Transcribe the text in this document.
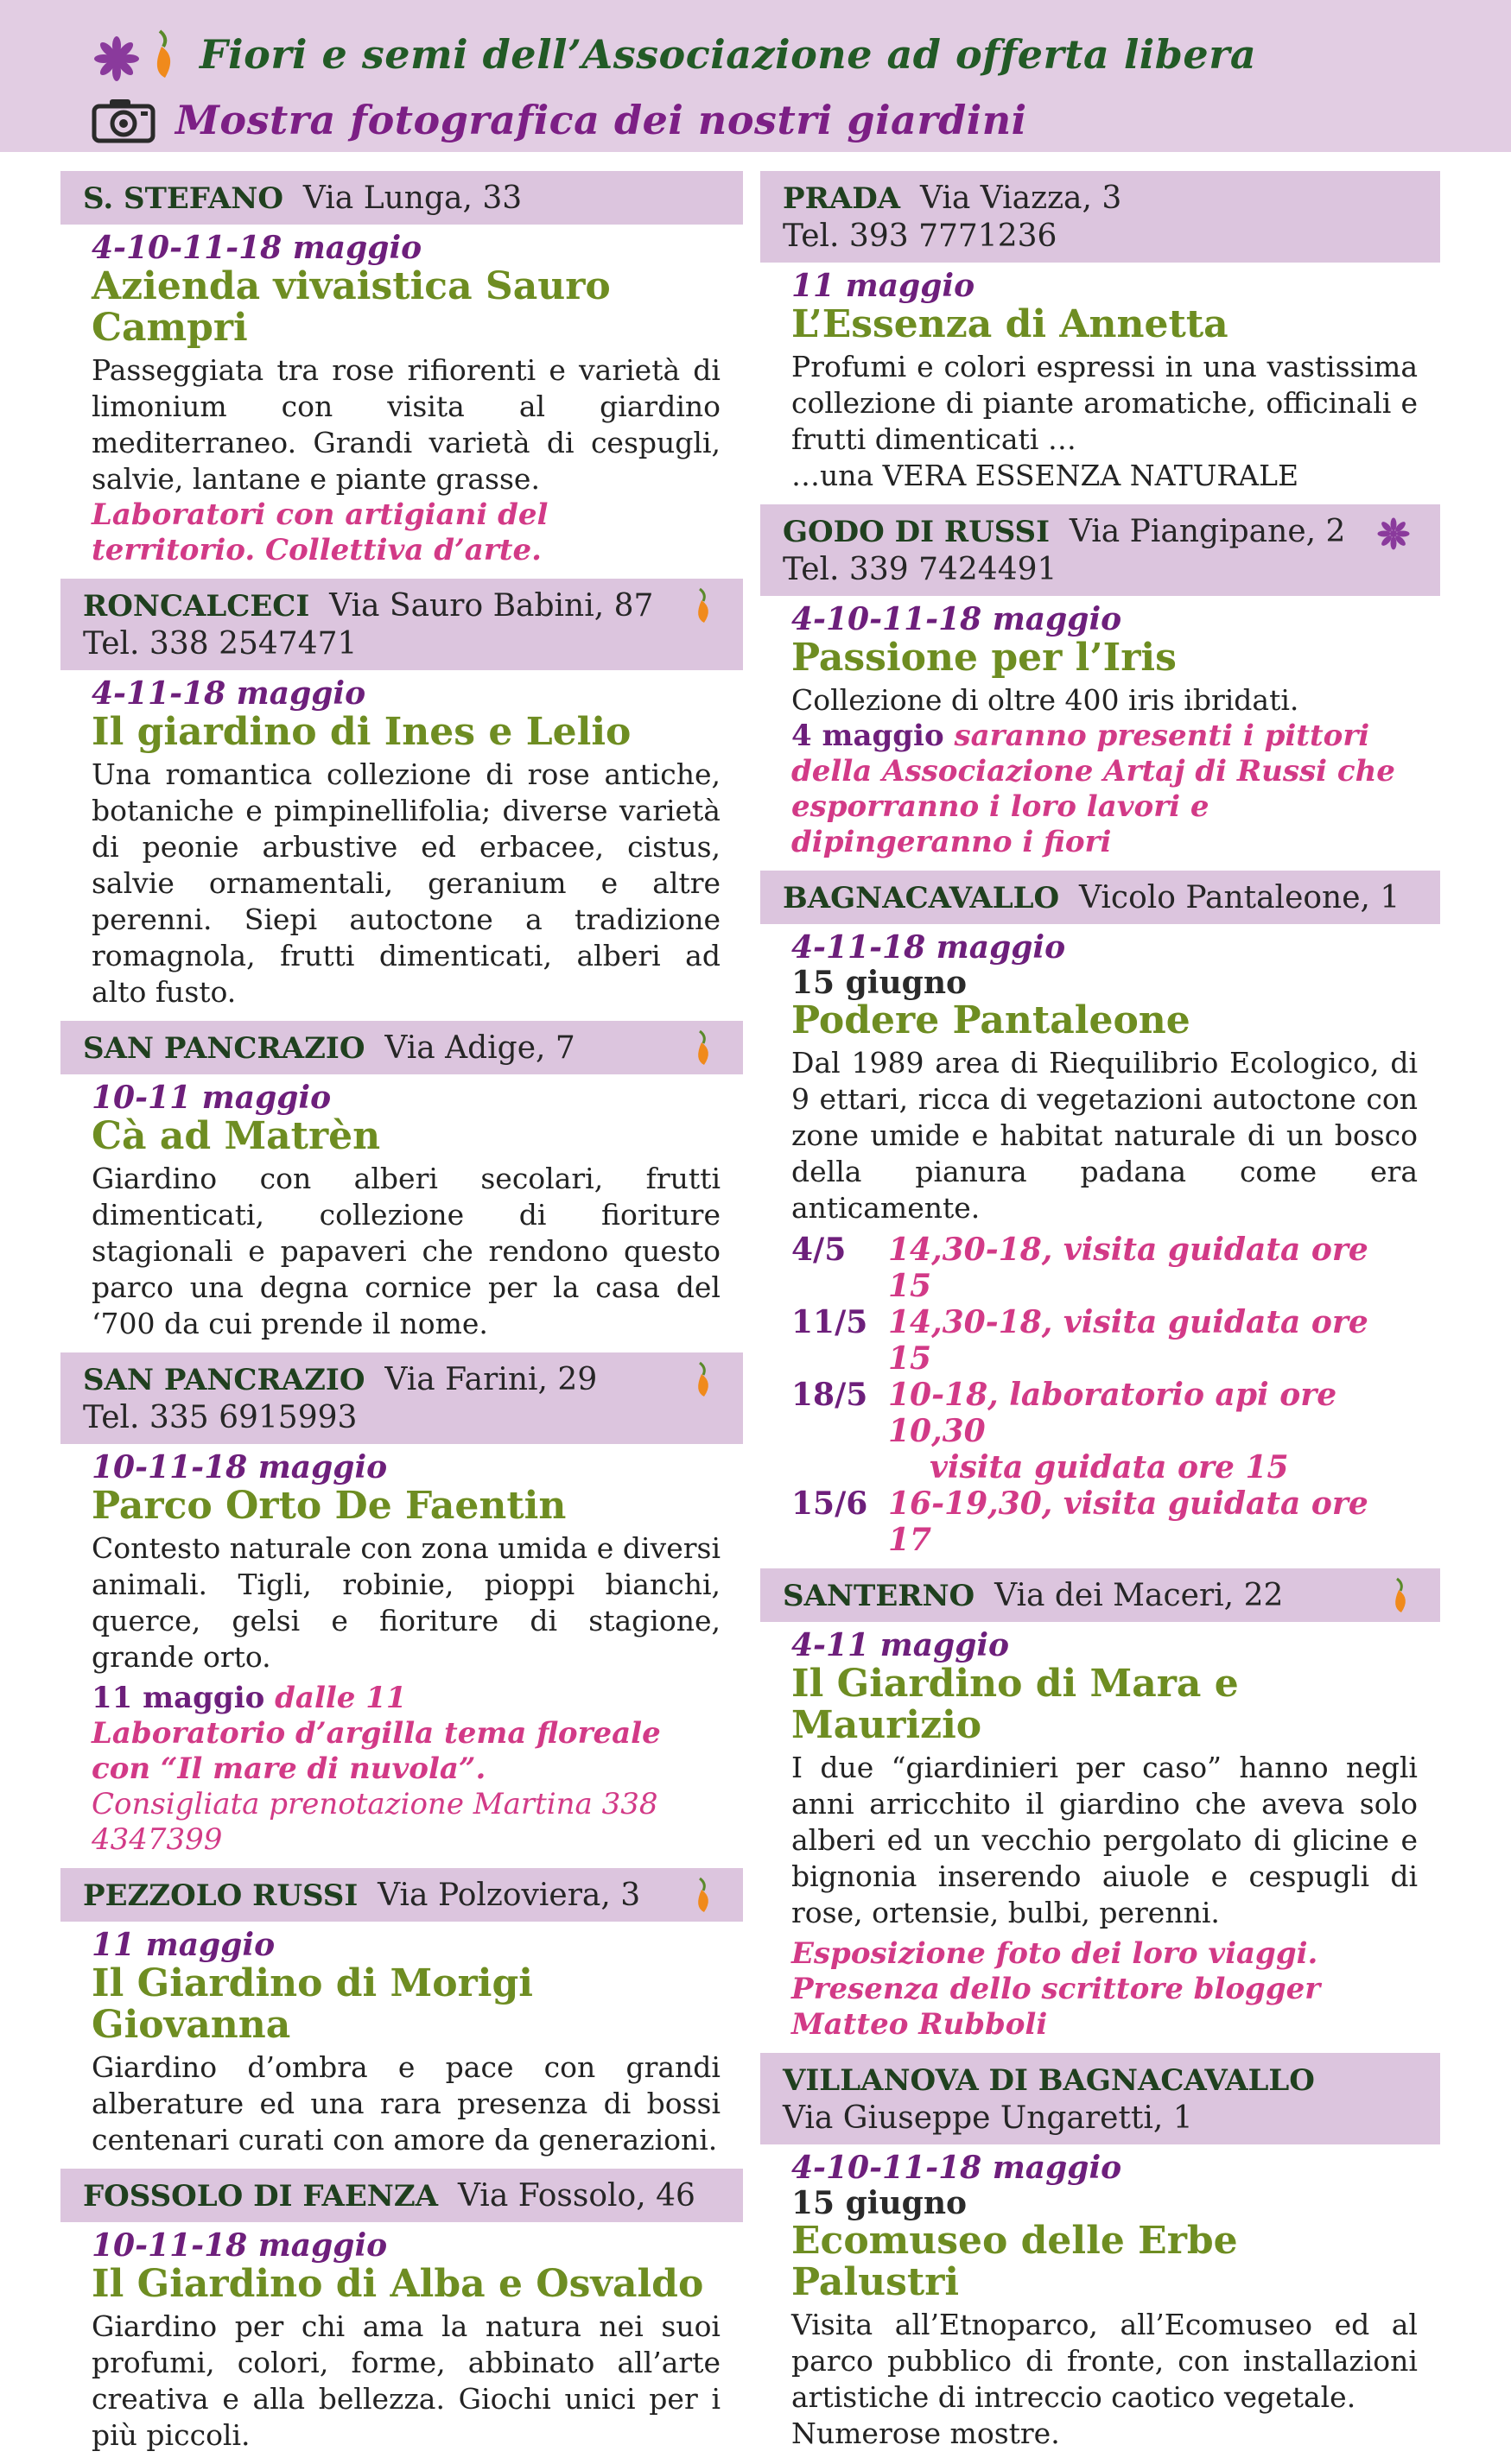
Fiori e semi dell’Associazione ad offerta libera
Mostra fotografica dei nostri giardini
S. STEFANO Via Lunga, 33
4-10-11-18 maggio
Azienda vivaistica Sauro Campri
Passeggiata tra rose rifiorenti e varietà di limonium con visita al giardino mediterraneo. Grandi varietà di cespugli, salvie, lantane e piante grasse.
Laboratori con artigiani del territorio. Collettiva d’arte.
RONCALCECI Via Sauro Babini, 87
Tel. 338 2547471
4-11-18 maggio
Il giardino di Ines e Lelio
Una romantica collezione di rose antiche, botaniche e pimpinellifolia; diverse varietà di peonie arbustive ed erbacee, cistus, salvie ornamentali, geranium e altre perenni. Siepi autoctone a tradizione romagnola, frutti dimenticati, alberi ad alto fusto.
SAN PANCRAZIO Via Adige, 7
10-11 maggio
Cà ad Matrèn
Giardino con alberi secolari, frutti dimenticati, collezione di fioriture stagionali e papaveri che rendono questo parco una degna cornice per la casa del ‘700 da cui prende il nome.
SAN PANCRAZIO Via Farini, 29
Tel. 335 6915993
10-11-18 maggio
Parco Orto De Faentin
Contesto naturale con zona umida e diversi animali. Tigli, robinie, pioppi bianchi, querce, gelsi e fioriture di stagione, grande orto.
11 maggio dalle 11
Laboratorio d’argilla tema floreale con “Il mare di nuvola”.
Consigliata prenotazione Martina 338 4347399
PEZZOLO RUSSI Via Polzoviera, 3
11 maggio
Il Giardino di Morigi Giovanna
Giardino d’ombra e pace con grandi alberature ed una rara presenza di bossi centenari curati con amore da generazioni.
FOSSOLO DI FAENZA Via Fossolo, 46
10-11-18 maggio
Il Giardino di Alba e Osvaldo
Giardino per chi ama la natura nei suoi profumi, colori, forme, abbinato all’arte creativa e alla bellezza. Giochi unici per i più piccoli.
PRADA Via Viazza, 3
Tel. 393 7771236
11 maggio
L’Essenza di Annetta
Profumi e colori espressi in una vastissima collezione di piante aromatiche, officinali e frutti dimenticati …
…una VERA ESSENZA NATURALE
GODO DI RUSSI Via Piangipane, 2
Tel. 339 7424491
4-10-11-18 maggio
Passione per l’Iris
Collezione di oltre 400 iris ibridati.
4 maggio saranno presenti i pittori della Associazione Artaj di Russi che esporranno i loro lavori e dipingeranno i fiori
BAGNACAVALLO Vicolo Pantaleone, 1
4-11-18 maggio
15 giugno
Podere Pantaleone
Dal 1989 area di Riequilibrio Ecologico, di 9 ettari, ricca di vegetazioni autoctone con zone umide e habitat naturale di un bosco della pianura padana come era anticamente.
4/5	14,30-18, visita guidata ore 15
11/5 14,30-18, visita guidata ore 15
18/5 10-18, laboratorio api ore 10,30
visita guidata ore 15
15/6 16-19,30, visita guidata ore 17
SANTERNO Via dei Maceri, 22
4-11 maggio
Il Giardino di Mara e Maurizio
I due “giardinieri per caso” hanno negli anni arricchito il giardino che aveva solo alberi ed un vecchio pergolato di glicine e bignonia inserendo aiuole e cespugli di rose, ortensie, bulbi, perenni.
Esposizione foto dei loro viaggi. Presenza dello scrittore blogger Matteo Rubboli
VILLANOVA DI BAGNACAVALLO
Via Giuseppe Ungaretti, 1
4-10-11-18 maggio
15 giugno
Ecomuseo delle Erbe Palustri
Visita all’Etnoparco, all’Ecomuseo ed al parco pubblico di fronte, con installazioni artistiche di intreccio caotico vegetale.
Numerose mostre.
